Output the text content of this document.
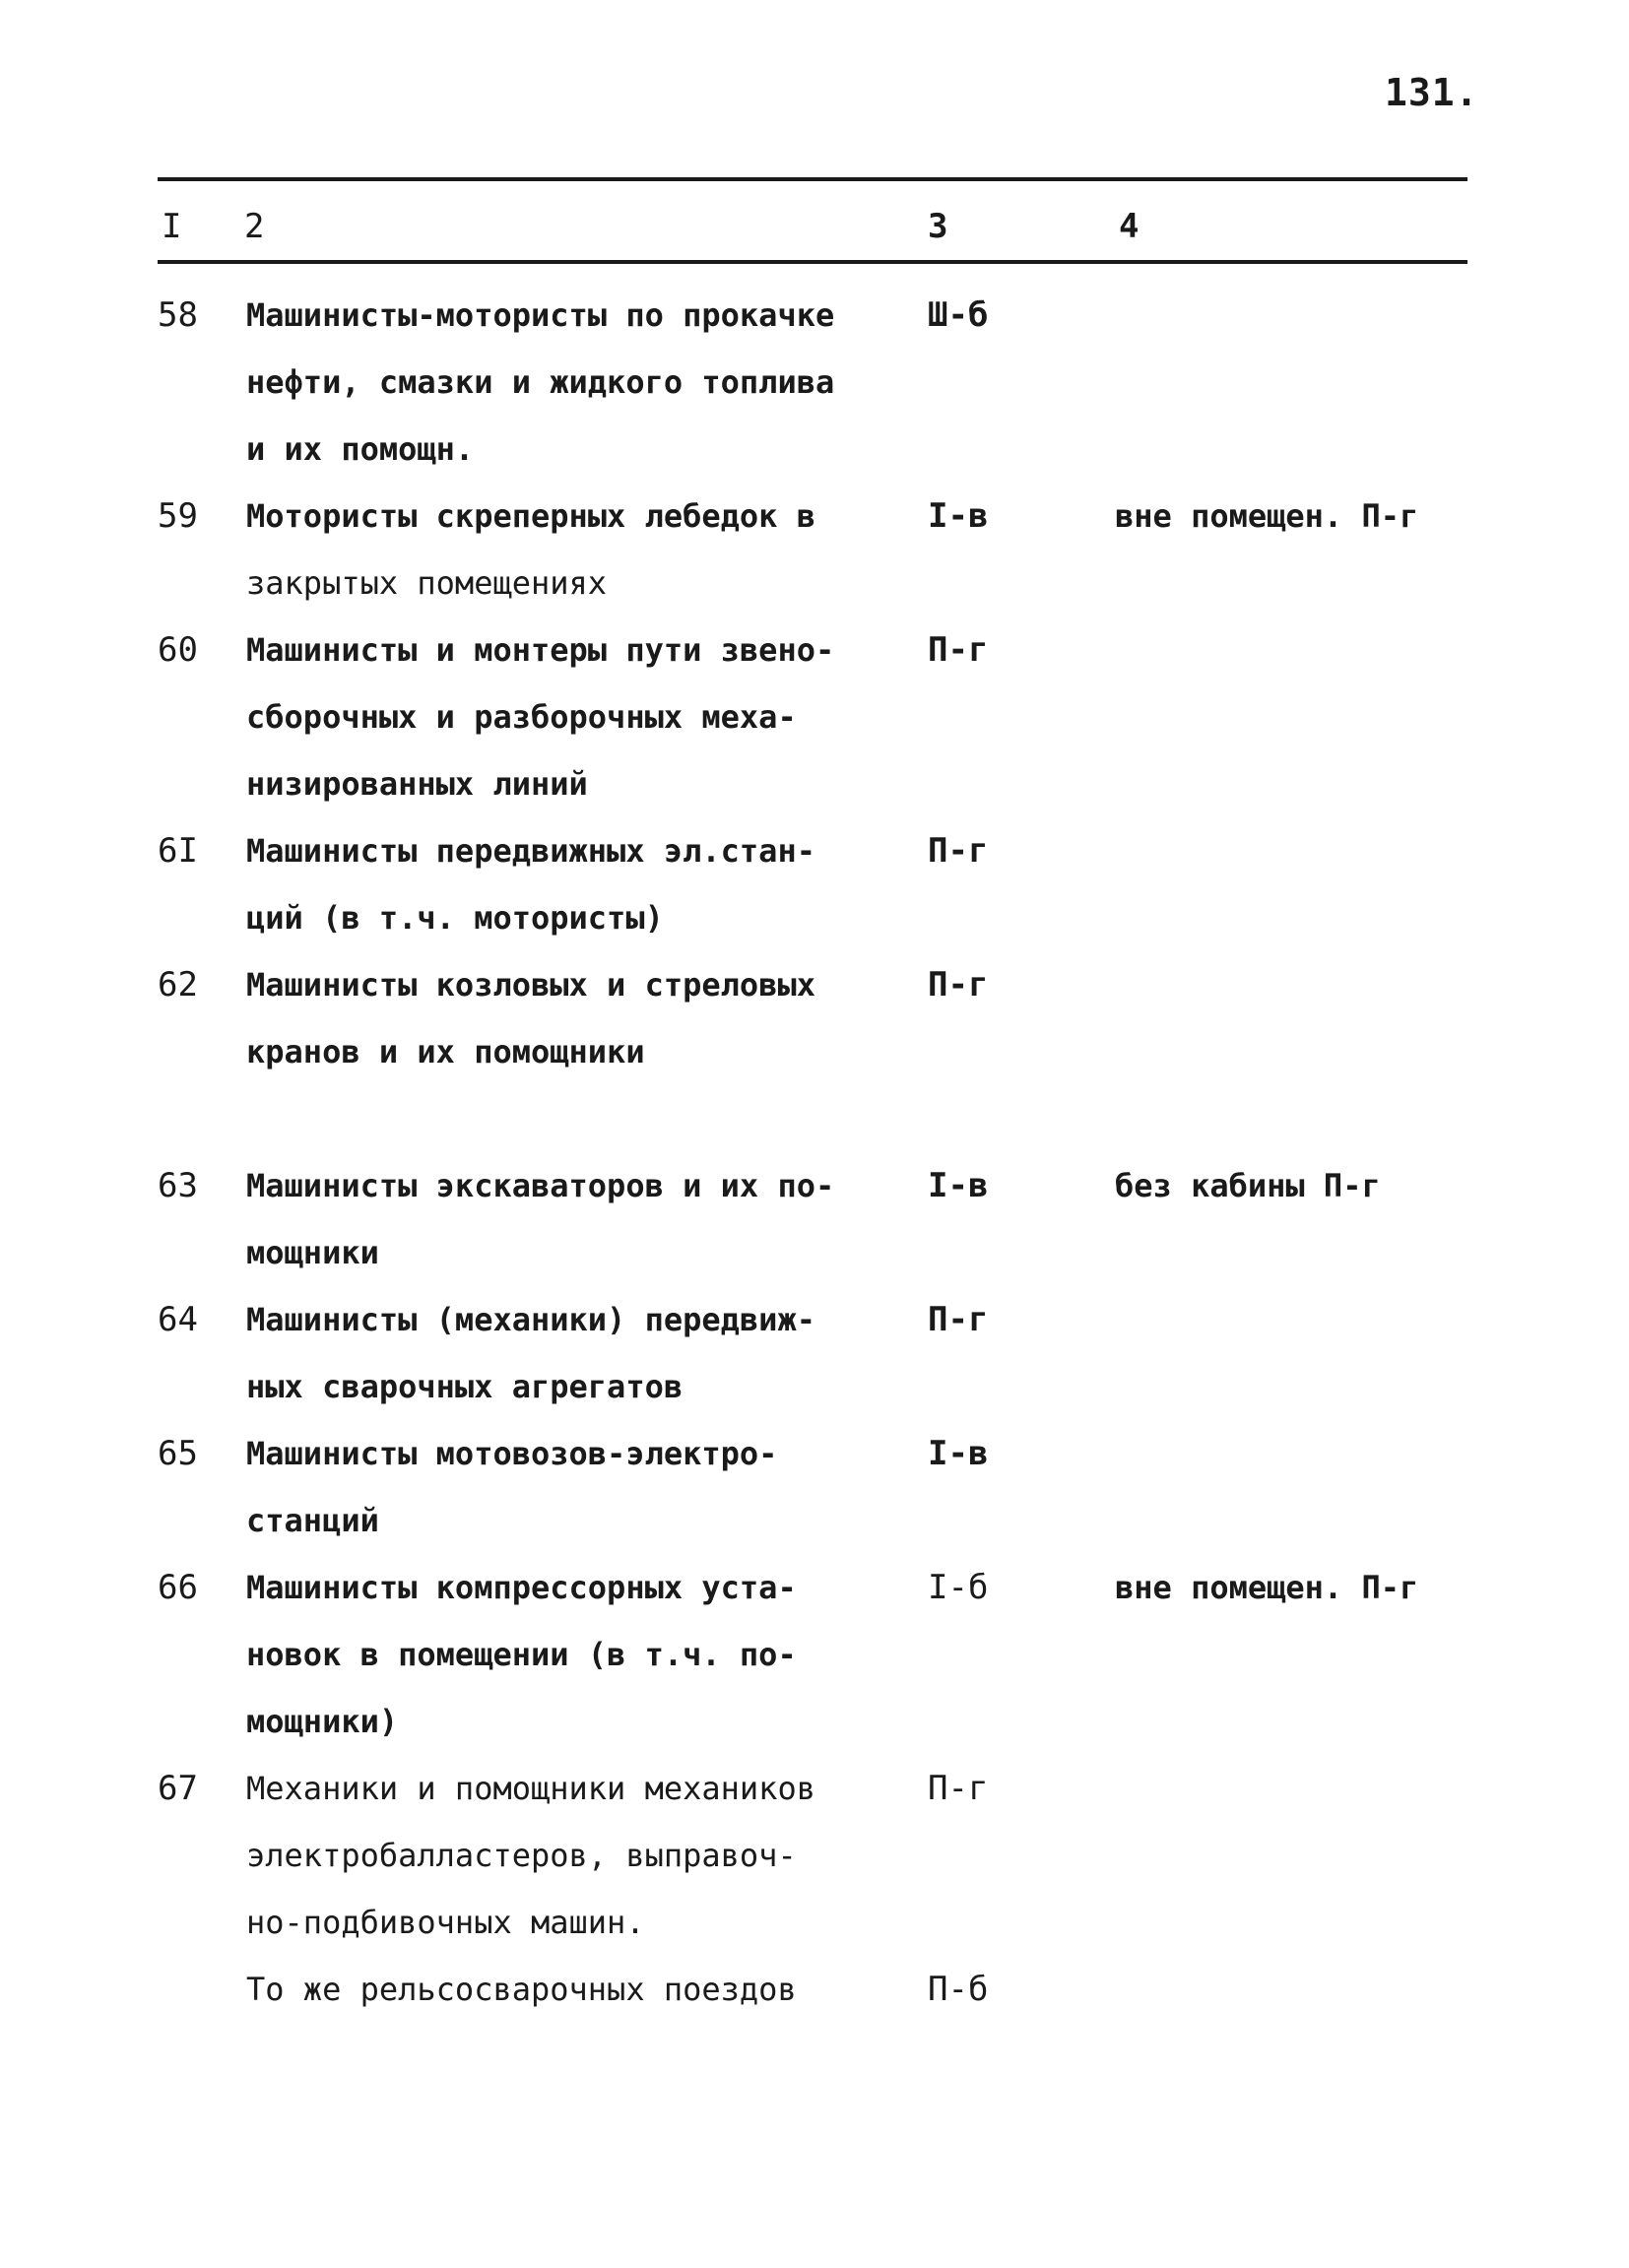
131.
I 2	3	4
58 Машинисты-мотористы по прокачке
нефти, смазки и жидкого топлива
и их помощн.
Ш-б
59 Мотористы скреперных лебедок в
закрытых помещениях
I-в	вне помещен. П-г
60 Машинисты и монтеры пути звено-
сборочных и разборочных меха-
низированных линий
П-г
6I Машинисты передвижных эл.стан-
ций (в т.ч. мотористы)
П-г
62 Машинисты козловых и стреловых
кранов и их помощники
П-г
63 Машинисты экскаваторов и их по-
мощники
I-в	без кабины П-г
64 Машинисты (механики) передвиж-
ных сварочных агрегатов
П-г
65 Машинисты мотовозов-электро-
станций
I-в
66 Машинисты компрессорных уста-
новок в помещении (в т.ч. по-
мощники)
I-б	вне помещен. П-г
67 Механики и помощники механиков
электробалластеров, выправоч-
но-подбивочных машин.
П-г
То же рельсосварочных поездов	П-б
